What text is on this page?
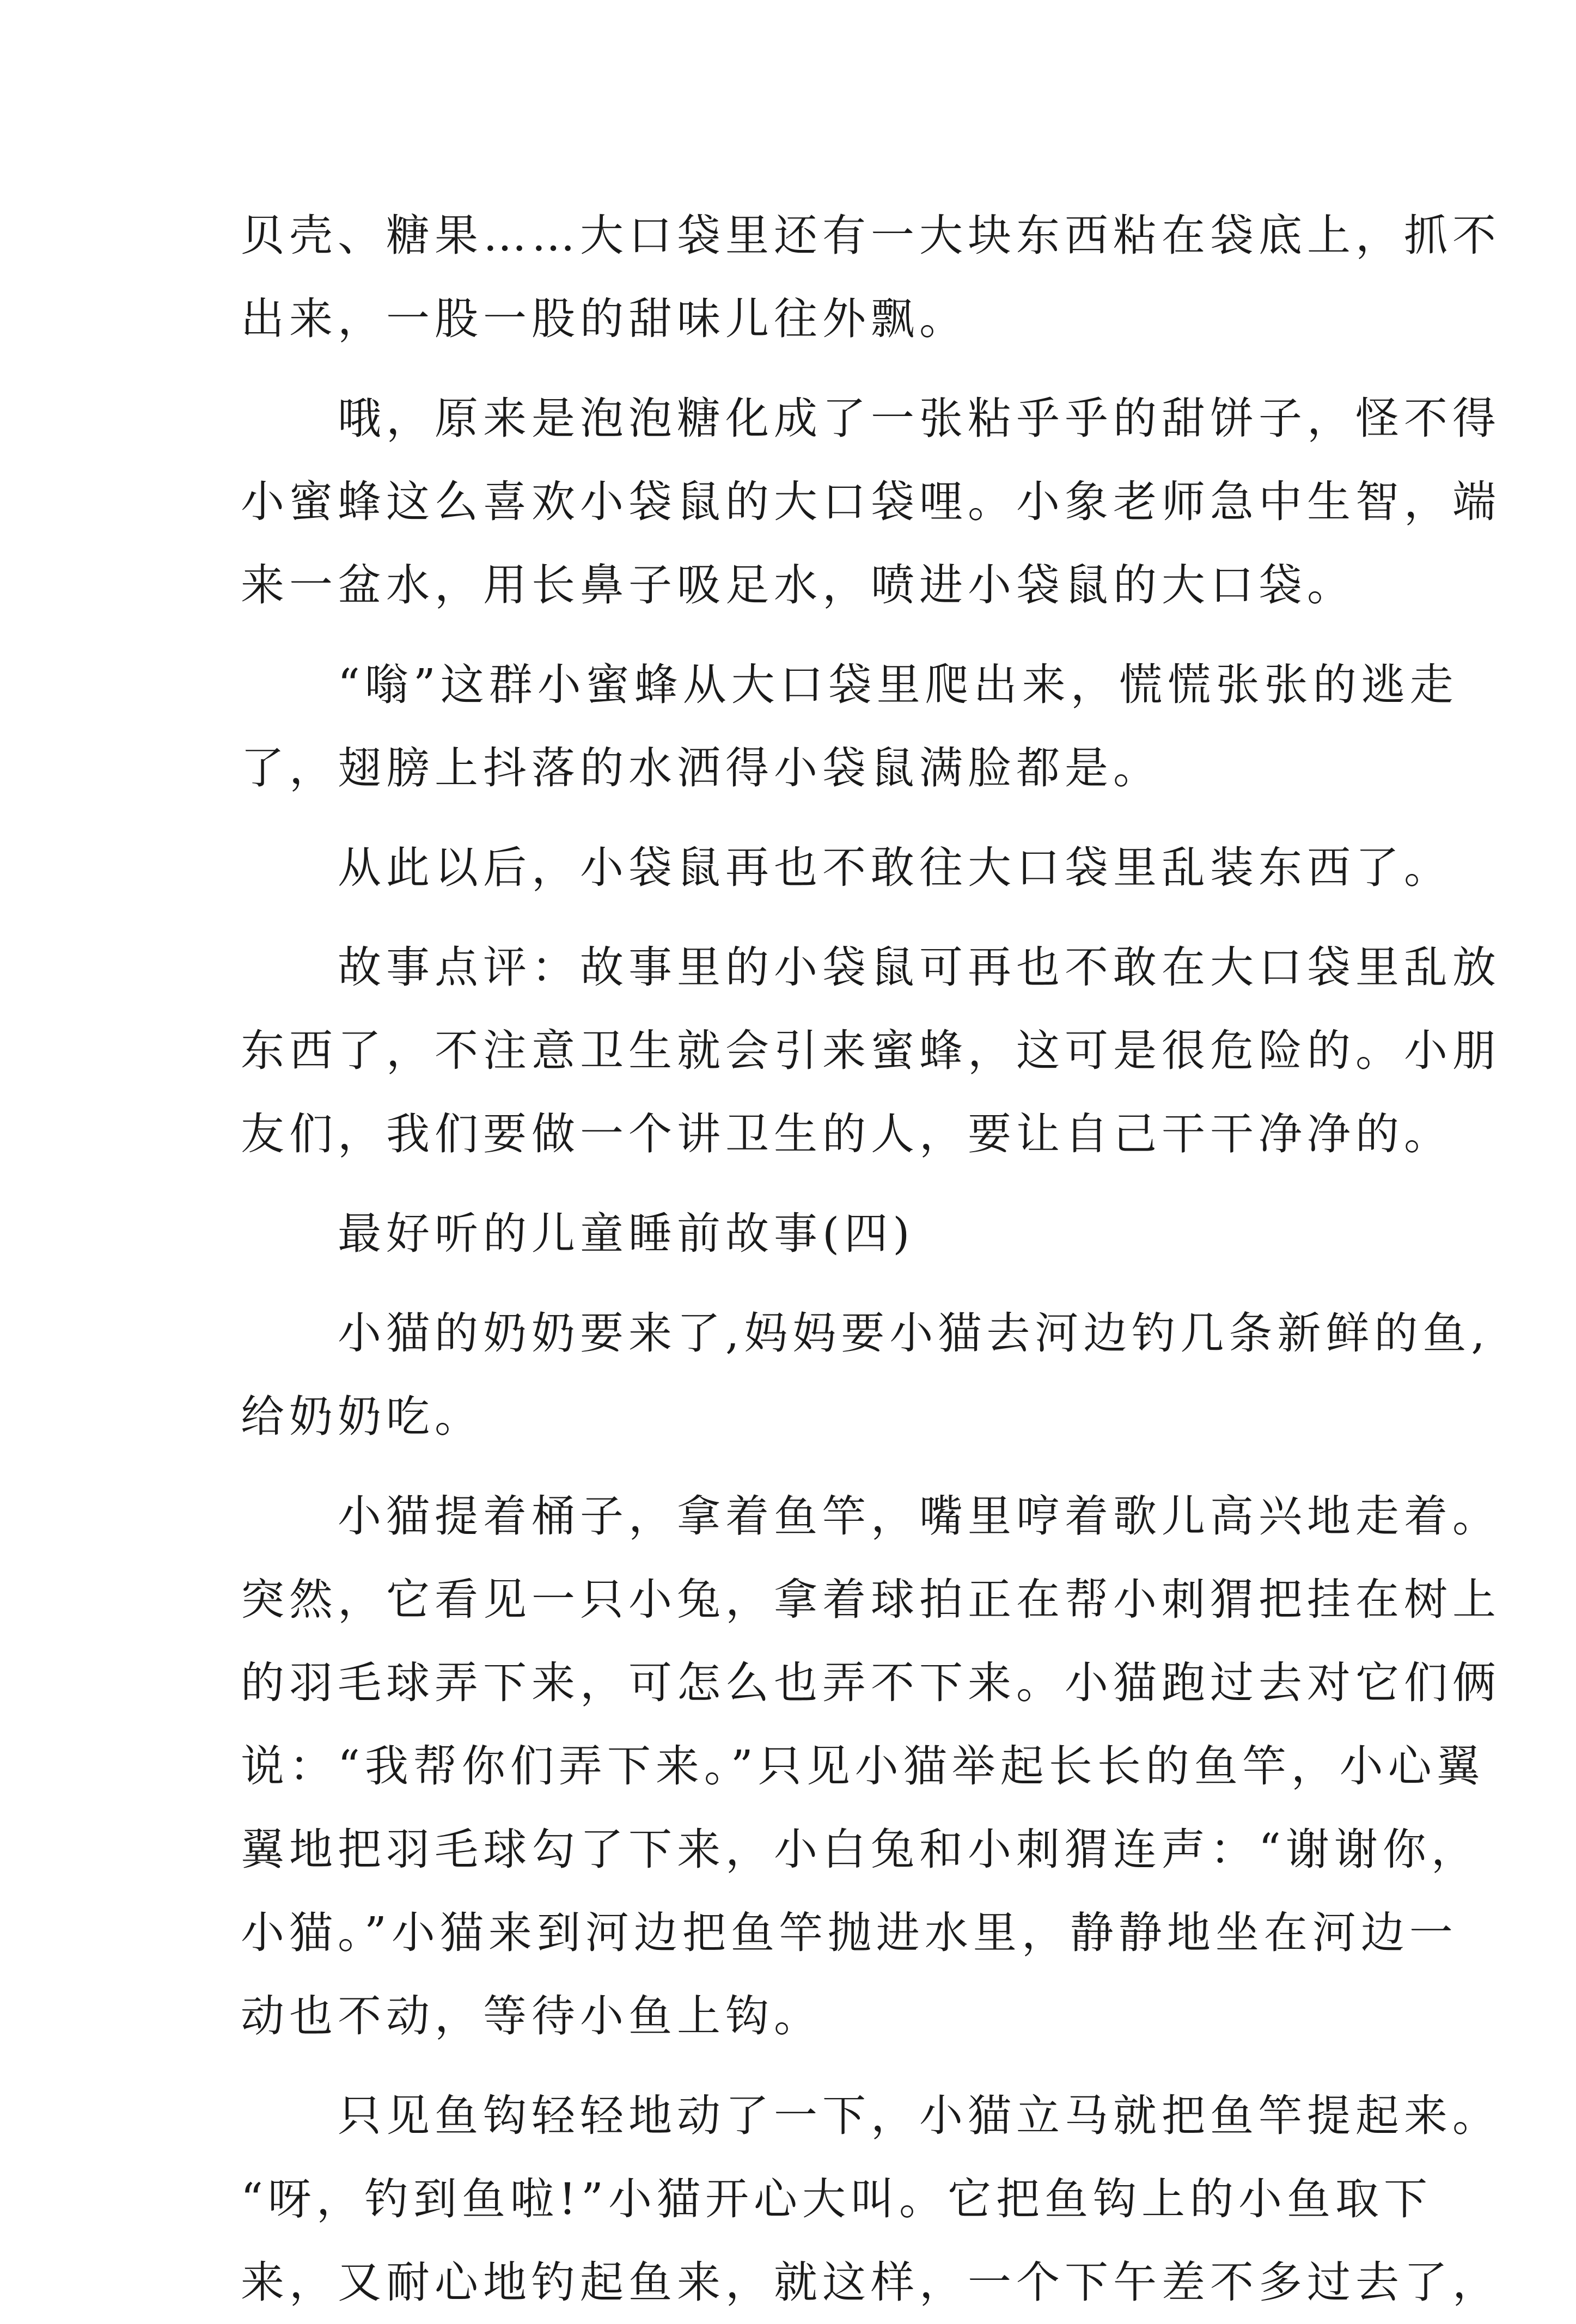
贝壳、糖果……大口袋里还有一大块东西粘在袋底上，抓不

出来，一股一股的甜味儿往外飘。

　　哦，原来是泡泡糖化成了一张粘乎乎的甜饼子，怪不得

小蜜蜂这么喜欢小袋鼠的大口袋哩。小象老师急中生智，端

来一盆水，用长鼻子吸足水，喷进小袋鼠的大口袋。

　　“嗡”这群小蜜蜂从大口袋里爬出来，慌慌张张的逃走

了，翅膀上抖落的水洒得小袋鼠满脸都是。

　　从此以后，小袋鼠再也不敢往大口袋里乱装东西了。

　　故事点评：故事里的小袋鼠可再也不敢在大口袋里乱放

东西了，不注意卫生就会引来蜜蜂，这可是很危险的。小朋

友们，我们要做一个讲卫生的人，要让自己干干净净的。

　　最好听的儿童睡前故事(四)

　　小猫的奶奶要来了,妈妈要小猫去河边钓几条新鲜的鱼,

给奶奶吃。

　　小猫提着桶子，拿着鱼竿，嘴里哼着歌儿高兴地走着。

突然，它看见一只小兔，拿着球拍正在帮小刺猬把挂在树上

的羽毛球弄下来，可怎么也弄不下来。小猫跑过去对它们俩

说：“我帮你们弄下来。”只见小猫举起长长的鱼竿，小心翼

翼地把羽毛球勾了下来，小白兔和小刺猬连声：“谢谢你，

小猫。”小猫来到河边把鱼竿抛进水里，静静地坐在河边一

动也不动，等待小鱼上钩。

　　只见鱼钩轻轻地动了一下，小猫立马就把鱼竿提起来。

“呀，钓到鱼啦!”小猫开心大叫。它把鱼钩上的小鱼取下

来，又耐心地钓起鱼来，就这样，一个下午差不多过去了，
